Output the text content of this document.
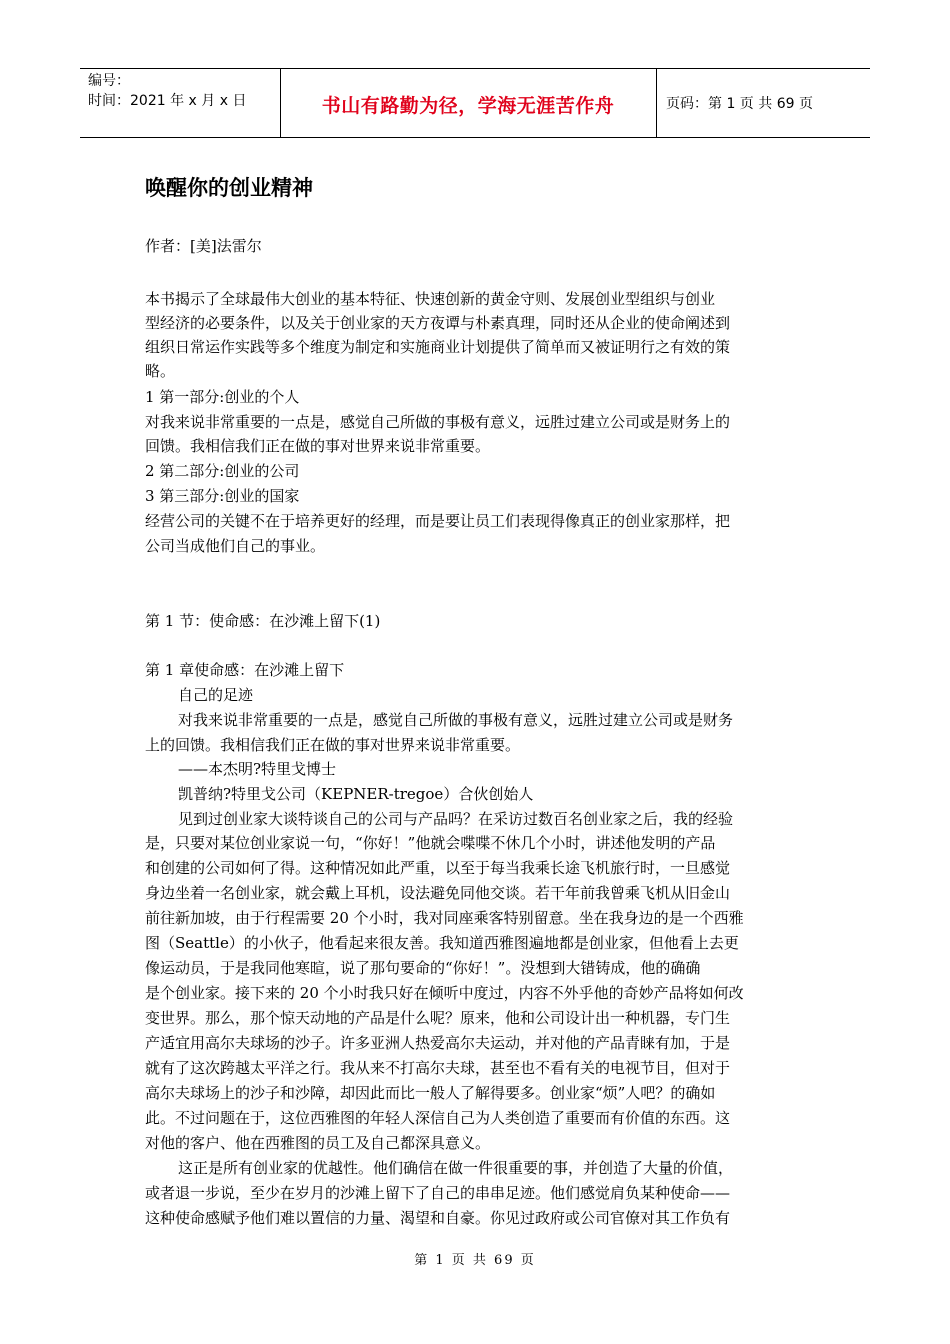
编号：
时间：2021 年 x 月 x 日	书山有路勤为径，学海无涯苦作舟	页码：第 1 页 共 69 页
唤醒你的创业精神
作者：[美]法雷尔
本书揭示了全球最伟大创业的基本特征、快速创新的黄金守则、发展创业型组织与创业
型经济的必要条件，以及关于创业家的天方夜谭与朴素真理，同时还从企业的使命阐述到
组织日常运作实践等多个维度为制定和实施商业计划提供了简单而又被证明行之有效的策
略。
1 第一部分:创业的个人
对我来说非常重要的一点是，感觉自己所做的事极有意义，远胜过建立公司或是财务上的
回馈。我相信我们正在做的事对世界来说非常重要。
2 第二部分:创业的公司
3 第三部分:创业的国家
经营公司的关键不在于培养更好的经理，而是要让员工们表现得像真正的创业家那样，把
公司当成他们自己的事业。
第 1 节：使命感：在沙滩上留下(1)
第 1 章使命感：在沙滩上留下
自己的足迹
对我来说非常重要的一点是，感觉自己所做的事极有意义，远胜过建立公司或是财务
上的回馈。我相信我们正在做的事对世界来说非常重要。
——本杰明?特里戈博士
凯普纳?特里戈公司（KEPNER-tregoe）合伙创始人
见到过创业家大谈特谈自己的公司与产品吗？在采访过数百名创业家之后，我的经验
是，只要对某位创业家说一句，“你好！”他就会喋喋不休几个小时，讲述他发明的产品
和创建的公司如何了得。这种情况如此严重，以至于每当我乘长途飞机旅行时，一旦感觉
身边坐着一名创业家，就会戴上耳机，设法避免同他交谈。若干年前我曾乘飞机从旧金山
前往新加坡，由于行程需要 20 个小时，我对同座乘客特别留意。坐在我身边的是一个西雅
图（Seattle）的小伙子，他看起来很友善。我知道西雅图遍地都是创业家，但他看上去更
像运动员，于是我同他寒暄，说了那句要命的“你好！”。没想到大错铸成，他的确确
是个创业家。接下来的 20 个小时我只好在倾听中度过，内容不外乎他的奇妙产品将如何改
变世界。那么，那个惊天动地的产品是什么呢？原来，他和公司设计出一种机器，专门生
产适宜用高尔夫球场的沙子。许多亚洲人热爱高尔夫运动，并对他的产品青睐有加，于是
就有了这次跨越太平洋之行。我从来不打高尔夫球，甚至也不看有关的电视节目，但对于
高尔夫球场上的沙子和沙障，却因此而比一般人了解得要多。创业家“烦”人吧？的确如
此。不过问题在于，这位西雅图的年轻人深信自己为人类创造了重要而有价值的东西。这
对他的客户、他在西雅图的员工及自己都深具意义。
这正是所有创业家的优越性。他们确信在做一件很重要的事，并创造了大量的价值，
或者退一步说，至少在岁月的沙滩上留下了自己的串串足迹。他们感觉肩负某种使命——
这种使命感赋予他们难以置信的力量、渴望和自豪。你见过政府或公司官僚对其工作负有
第 1 页 共 69 页
